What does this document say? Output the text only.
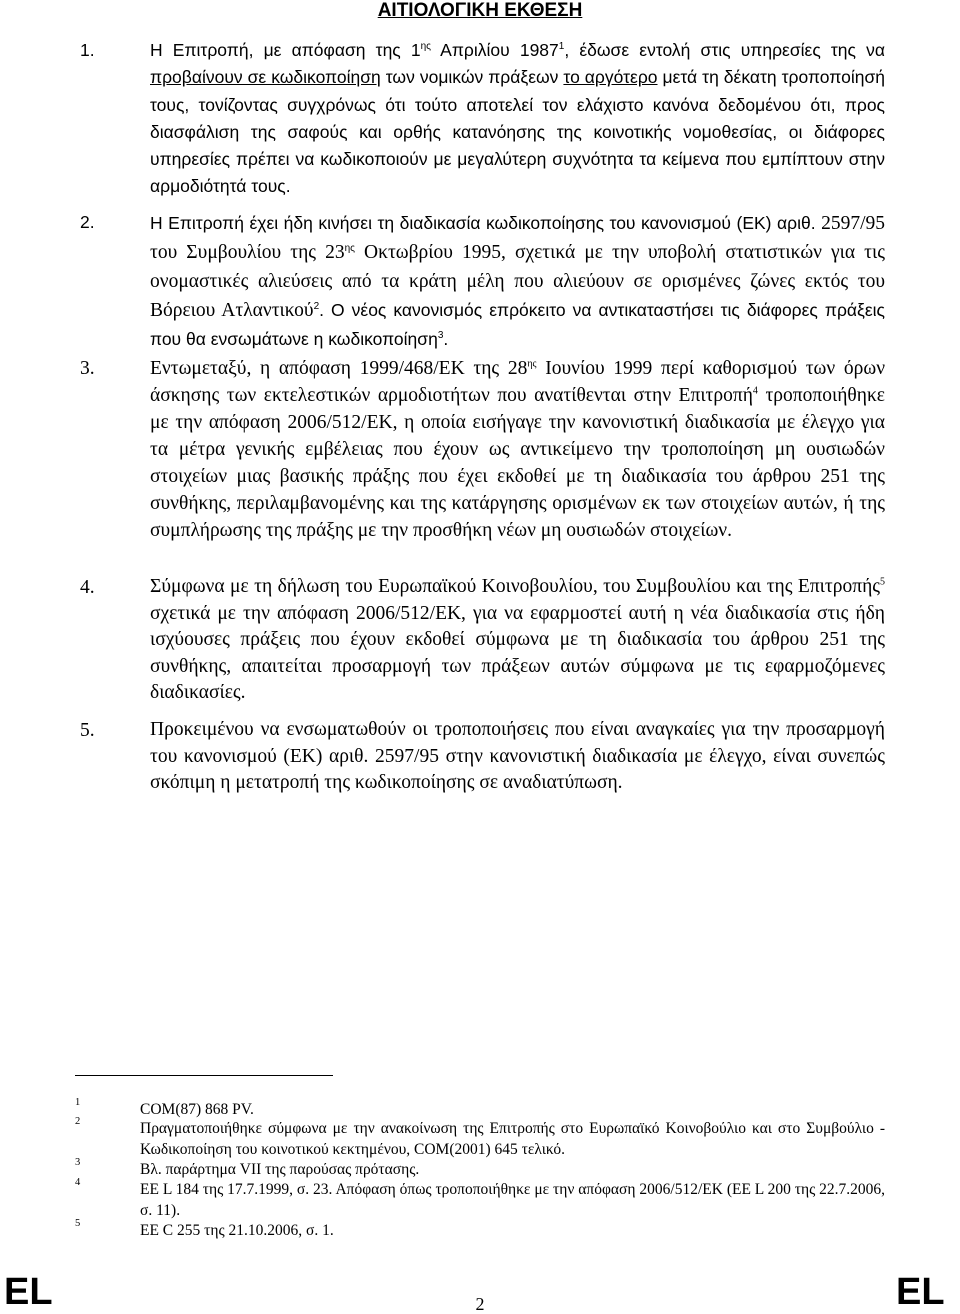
ΑΙΤΙΟΛΟΓΙΚΗ ΕΚΘΕΣΗ
1.	Η Επιτροπή, με απόφαση της $1^{\eta\varsigma}$ Απριλίου 1987$^1$, έδωσε εντολή στις υπηρεσίες της να προβαίνουν σε κωδικοποίηση των νομικών πράξεων το αργότερο μετά τη δέκατη τροποποίησή τους, τονίζοντας συγχρόνως ότι τούτο αποτελεί τον ελάχιστο κανόνα δεδομένου ότι, προς διασφάλιση της σαφούς και ορθής κατανόησης της κοινοτικής νομοθεσίας, οι διάφορες υπηρεσίες πρέπει να κωδικοποιούν με μεγαλύτερη συχνότητα τα κείμενα που εμπίπτουν στην αρμοδιότητά τους.
2.	Η Επιτροπή έχει ήδη κινήσει τη διαδικασία κωδικοποίησης του κανονισμού (ΕΚ) αριθ. 2597/95 του Συμβουλίου της $23^{\eta\varsigma}$ Οκτωβρίου 1995, σχετικά με την υποβολή στατιστικών για τις ονομαστικές αλιεύσεις από τα κράτη μέλη που αλιεύουν σε ορισμένες ζώνες εκτός του Βόρειου Ατλαντικού$^2$. Ο νέος κανονισμός επρόκειτο να αντικαταστήσει τις διάφορες πράξεις που θα ενσωμάτωνε η κωδικοποίηση$^3$.
3.	Εντωμεταξύ, η απόφαση 1999/468/ΕΚ της $28^{\eta\varsigma}$ Ιουνίου 1999 περί καθορισμού των όρων άσκησης των εκτελεστικών αρμοδιοτήτων που ανατίθενται στην Επιτροπή$^4$ τροποποιήθηκε με την απόφαση 2006/512/ΕΚ, η οποία εισήγαγε την κανονιστική διαδικασία με έλεγχο για τα μέτρα γενικής εμβέλειας που έχουν ως αντικείμενο την τροποποίηση μη ουσιωδών στοιχείων μιας βασικής πράξης που έχει εκδοθεί με τη διαδικασία του άρθρου 251 της συνθήκης, περιλαμβανομένης και της κατάργησης ορισμένων εκ των στοιχείων αυτών, ή της συμπλήρωσης της πράξης με την προσθήκη νέων μη ουσιωδών στοιχείων.
4.	Σύμφωνα με τη δήλωση του Ευρωπαϊκού Κοινοβουλίου, του Συμβουλίου και της Επιτροπής$^5$ σχετικά με την απόφαση 2006/512/ΕΚ, για να εφαρμοστεί αυτή η νέα διαδικασία στις ήδη ισχύουσες πράξεις που έχουν εκδοθεί σύμφωνα με τη διαδικασία του άρθρου 251 της συνθήκης, απαιτείται προσαρμογή των πράξεων αυτών σύμφωνα με τις εφαρμοζόμενες διαδικασίες.
5.	Προκειμένου να ενσωματωθούν οι τροποποιήσεις που είναι αναγκαίες για την προσαρμογή του κανονισμού (ΕΚ) αριθ. 2597/95 στην κανονιστική διαδικασία με έλεγχο, είναι συνεπώς σκόπιμη η μετατροπή της κωδικοποίησης σε αναδιατύπωση.
1	COM(87) 868 PV.
2	Πραγματοποιήθηκε σύμφωνα με την ανακοίνωση της Επιτροπής στο Ευρωπαϊκό Κοινοβούλιο και στο Συμβούλιο - Κωδικοποίηση του κοινοτικού κεκτημένου, COM(2001) 645 τελικό.
3	Βλ. παράρτημα VII της παρούσας πρότασης.
4	ΕΕ L 184 της 17.7.1999, σ. 23. Απόφαση όπως τροποποιήθηκε με την απόφαση 2006/512/ΕΚ (ΕΕ L 200 της 22.7.2006, σ. 11).
5	ΕΕ C 255 της 21.10.2006, σ. 1.
EL	EL
2
